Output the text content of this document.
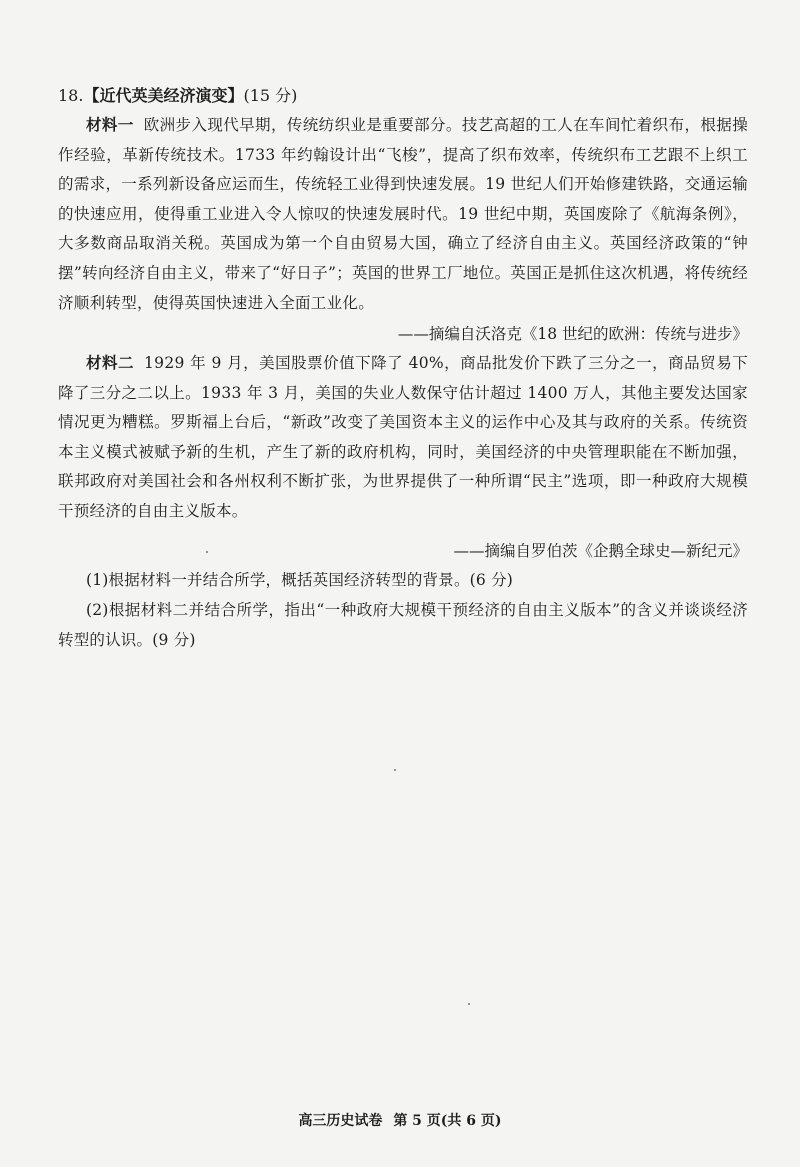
18.【近代英美经济演变】(15 分)
材料一 欧洲步入现代早期，传统纺织业是重要部分。技艺高超的工人在车间忙着织布，根据操作经验，革新传统技术。1733 年约翰设计出“飞梭”，提高了织布效率，传统织布工艺跟不上织工的需求，一系列新设备应运而生，传统轻工业得到快速发展。19 世纪人们开始修建铁路，交通运输的快速应用，使得重工业进入令人惊叹的快速发展时代。19 世纪中期，英国废除了《航海条例》，大多数商品取消关税。英国成为第一个自由贸易大国，确立了经济自由主义。英国经济政策的“钟摆”转向经济自由主义，带来了“好日子”；英国的世界工厂地位。英国正是抓住这次机遇，将传统经济顺利转型，使得英国快速进入全面工业化。
——摘编自沃洛克《18 世纪的欧洲：传统与进步》
材料二 1929 年 9 月，美国股票价值下降了 40%，商品批发价下跌了三分之一，商品贸易下降了三分之二以上。1933 年 3 月，美国的失业人数保守估计超过 1400 万人，其他主要发达国家情况更为糟糕。罗斯福上台后，“新政”改变了美国资本主义的运作中心及其与政府的关系。传统资本主义模式被赋予新的生机，产生了新的政府机构，同时，美国经济的中央管理职能在不断加强，联邦政府对美国社会和各州权利不断扩张，为世界提供了一种所谓“民主”选项，即一种政府大规模干预经济的自由主义版本。
——摘编自罗伯茨《企鹅全球史—新纪元》
(1)根据材料一并结合所学，概括英国经济转型的背景。(6 分)
(2)根据材料二并结合所学，指出“一种政府大规模干预经济的自由主义版本”的含义并谈谈经济转型的认识。(9 分)
高三历史试卷 第 5 页(共 6 页)
